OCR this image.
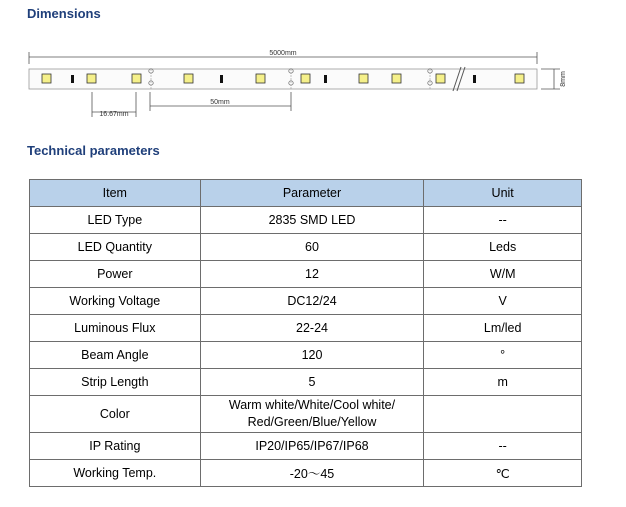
Dimensions
5000mm
8mm
16.67mm
50mm
Technical parameters
Item	Parameter	Unit
LED Type	2835 SMD LED	--
LED Quantity	60	Leds
Power	12	W/M
Working Voltage	DC12/24	V
Luminous Flux	22-24	Lm/led
Beam Angle	120	°
Strip Length	5	m
Color	Warm white/White/Cool white/
Red/Green/Blue/Yellow	

IP Rating	IP20/IP65/IP67/IP68	--
Working Temp.	-20～45	℃
